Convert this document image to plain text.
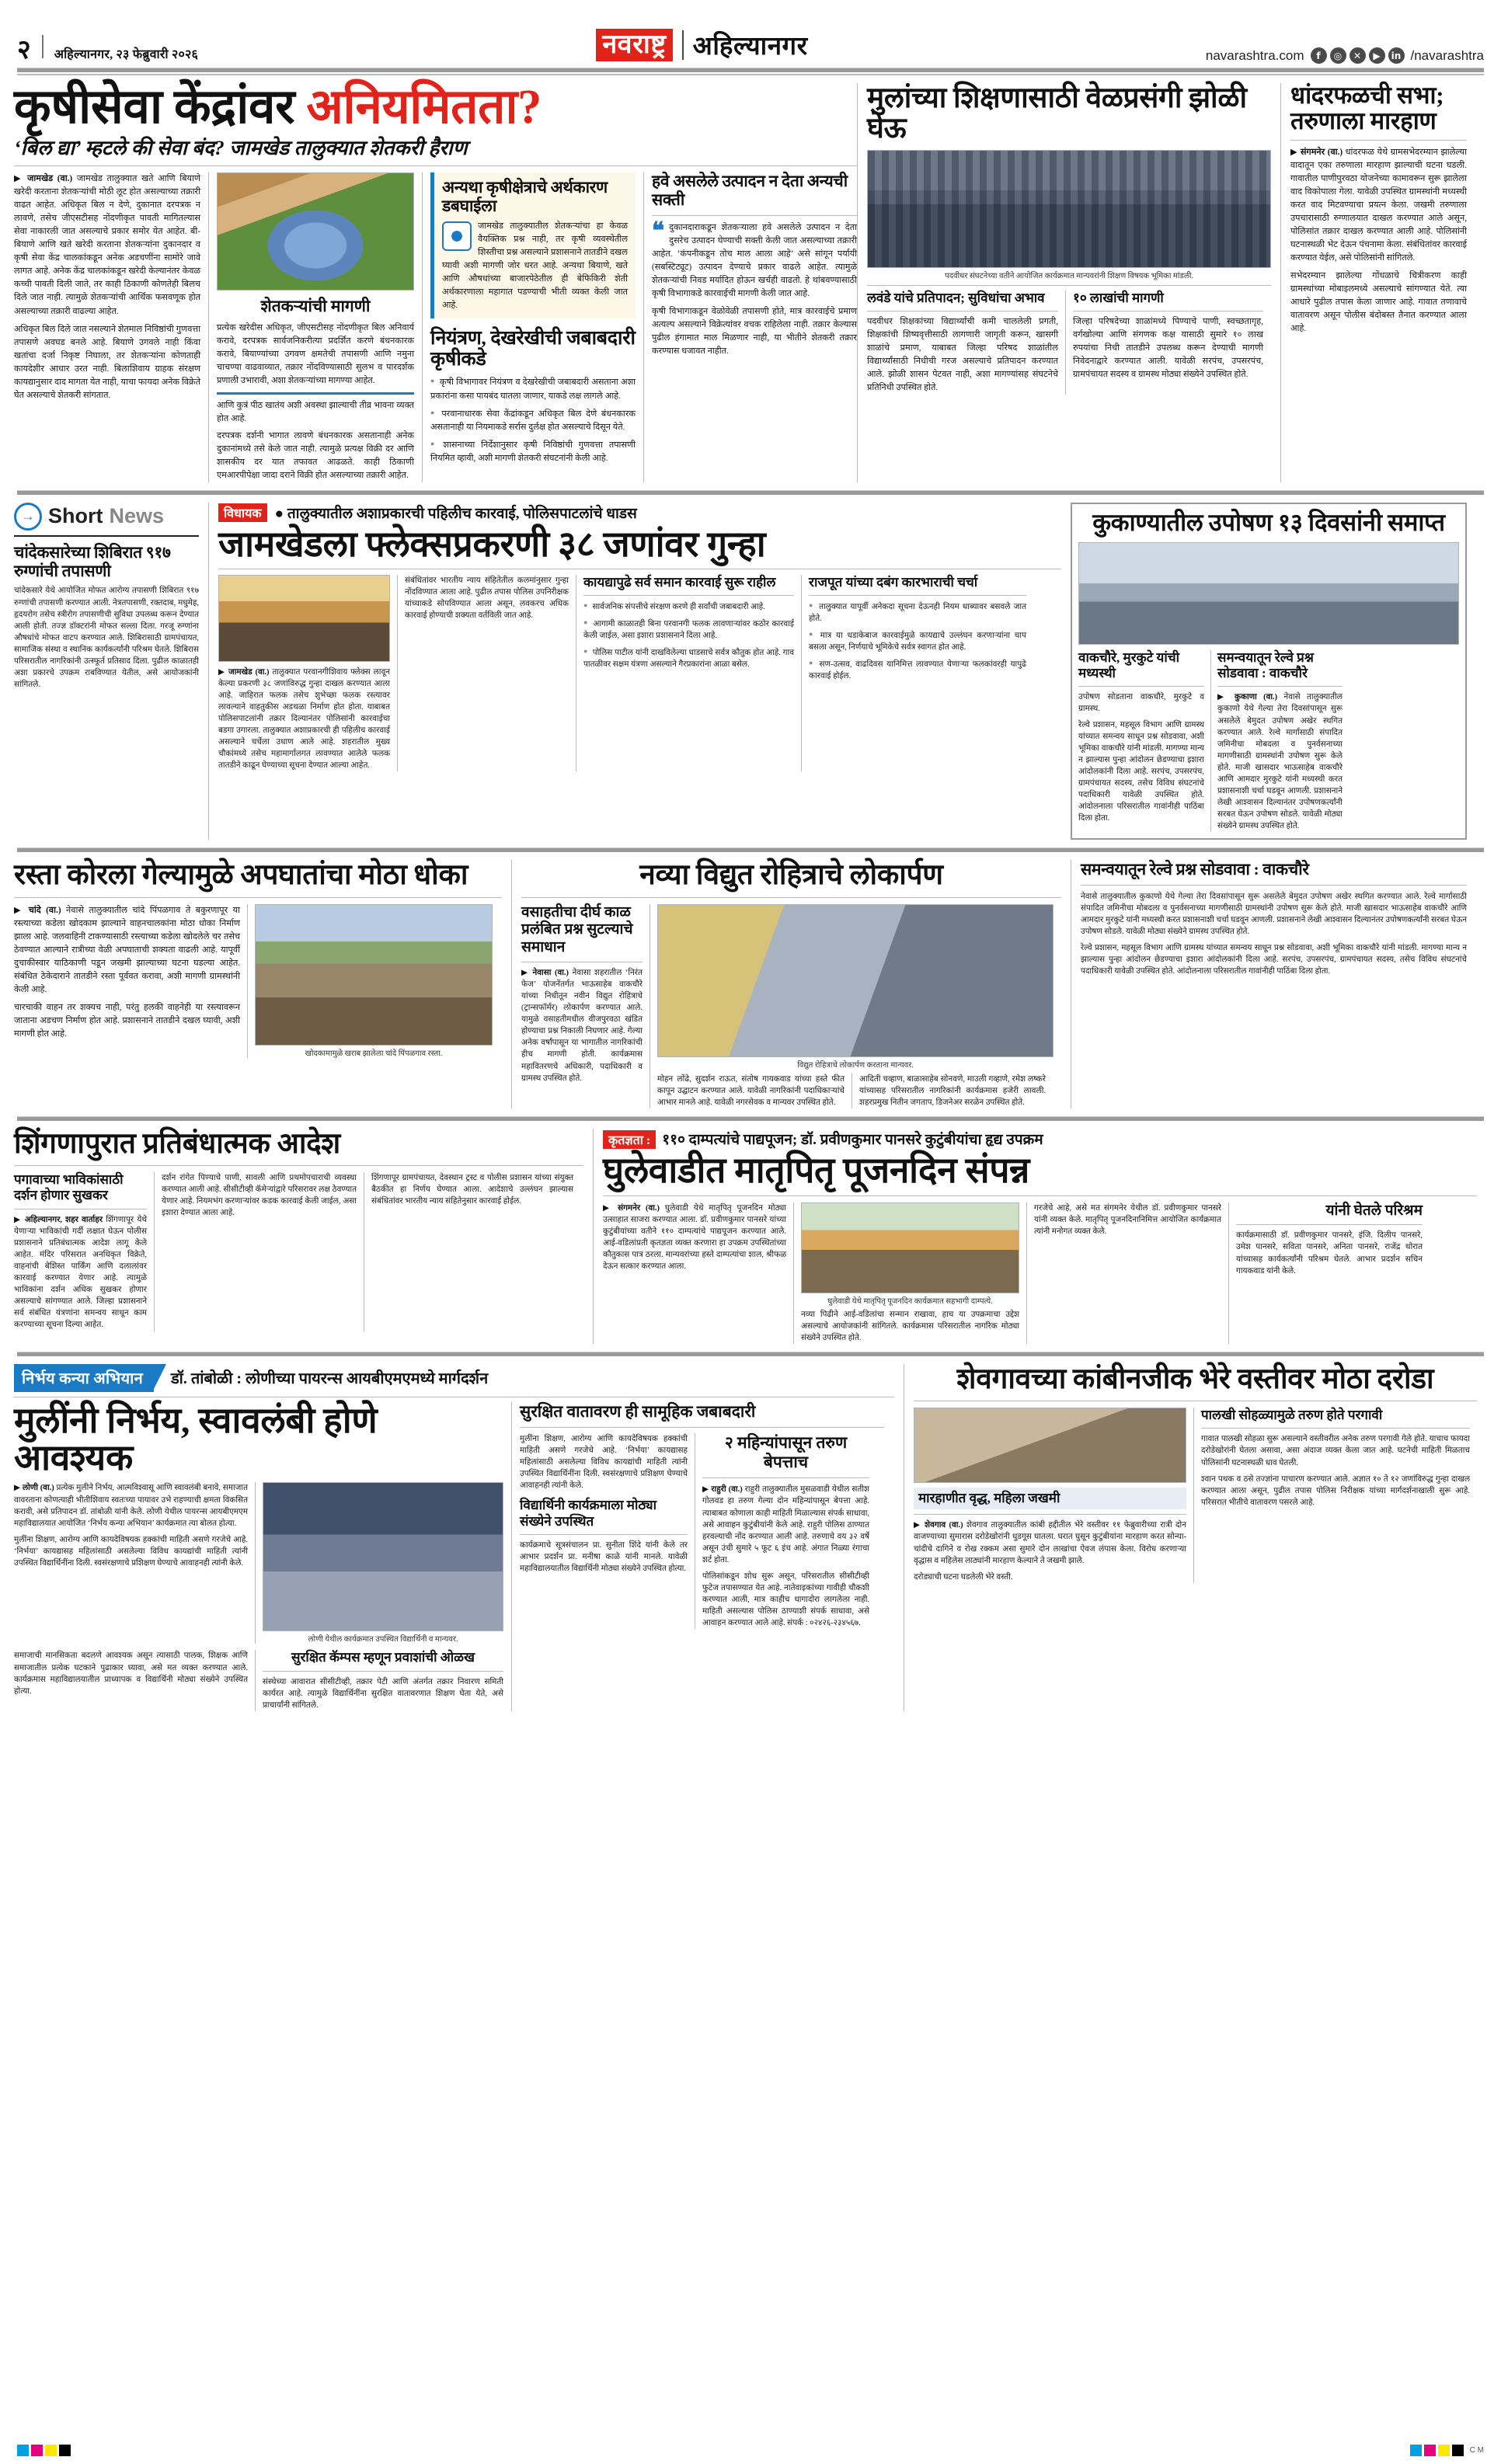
२ अहिल्यानगर, २३ फेब्रुवारी २०२६	नवराष्ट्र अहिल्यानगर	navarashtra.com	f	◎	✕	▶	in /navarashtra
कृषीसेवा केंद्रांवर अनियमितता?
‘बिल द्या’ म्हटले की सेवा बंद? जामखेड तालुक्यात शेतकरी हैराण
▶ जामखेड (वा.) जामखेड तालुक्यात खते आणि बियाणे खरेदी करताना शेतकऱ्यांची मोठी लूट होत असल्याच्या तक्रारी वाढत आहेत. अधिकृत बिल न देणे, दुकानात दरपत्रक न लावणे, तसेच जीएसटीसह नोंदणीकृत पावती मागितल्यास सेवा नाकारली जात असल्याचे प्रकार समोर येत आहेत. बी-बियाणे आणि खते खरेदी करताना शेतकऱ्यांना दुकानदार व कृषी सेवा केंद्र चालकांकडून अनेक अडचणींना सामोरे जावे लागत आहे. अनेक केंद्र चालकांकडून खरेदी केल्यानंतर केवळ कच्ची पावती दिली जाते, तर काही ठिकाणी कोणतेही बिलच दिले जात नाही. त्यामुळे शेतकऱ्यांची आर्थिक फसवणूक होत असल्याच्या तक्रारी वाढल्या आहेत.
अधिकृत बिल दिले जात नसल्याने शेतमाल निविष्ठांची गुणवत्ता तपासणे अवघड बनले आहे. बियाणे उगवले नाही किंवा खतांचा दर्जा निकृष्ट निघाला, तर शेतकऱ्यांना कोणताही कायदेशीर आधार उरत नाही. बिलाशिवाय ग्राहक संरक्षण कायद्यानुसार दाद मागता येत नाही, याचा फायदा अनेक विक्रेते घेत असल्याचे शेतकरी सांगतात.
शेतकऱ्यांची मागणी
प्रत्येक खरेदीस अधिकृत, जीएसटीसह नोंदणीकृत बिल अनिवार्य करावे, दरपत्रक सार्वजनिकरीत्या प्रदर्शित करणे बंधनकारक करावे, बियाण्यांच्या उगवण क्षमतेची तपासणी आणि नमुना चाचण्या वाढवाव्यात, तक्रार नोंदविण्यासाठी सुलभ व पारदर्शक प्रणाली उभारावी, अशा शेतकऱ्यांच्या मागण्या आहेत.
आणि कुत्रं पीठ खातंय अशी अवस्था झाल्याची तीव्र भावना व्यक्त होत आहे.
दरपत्रक दर्शनी भागात लावणे बंधनकारक असतानाही अनेक दुकानांमध्ये तसे केले जात नाही. त्यामुळे प्रत्यक्ष विक्री दर आणि शासकीय दर यात तफावत आढळते. काही ठिकाणी एमआरपीपेक्षा जादा दराने विक्री होत असल्याच्या तक्रारी आहेत.
अन्यथा कृषीक्षेत्राचे अर्थकारण डबघाईला
जामखेड तालुक्यातील शेतकऱ्यांचा हा केवळ वैयक्तिक प्रश्न नाही, तर कृषी व्यवस्थेतील शिस्तीचा प्रश्न असल्याने प्रशासनाने तातडीने दखल घ्यावी अशी मागणी जोर धरत आहे. अन्यथा बियाणे, खते आणि औषधांच्या बाजारपेठेतील ही बेफिकिरी शेती अर्थकारणाला महागात पडण्याची भीती व्यक्त केली जात आहे.
नियंत्रण, देखरेखीची जबाबदारी कृषीकडे
● कृषी विभागावर नियंत्रण व देखरेखीची जबाबदारी असताना अशा प्रकारांना कसा पायबंद घातला जाणार, याकडे लक्ष लागले आहे.
● परवानाधारक सेवा केंद्रांकडून अधिकृत बिल देणे बंधनकारक असतानाही या नियमाकडे सर्रास दुर्लक्ष होत असल्याचे दिसून येते.
● शासनाच्या निर्देशानुसार कृषी निविष्ठांची गुणवत्ता तपासणी नियमित व्हावी, अशी मागणी शेतकरी संघटनांनी केली आहे.
हवे असलेले उत्पादन न देता अन्यची सक्ती
❝ दुकानदाराकडून शेतकऱ्याला हवे असलेले उत्पादन न देता दुसरेच उत्पादन घेण्याची सक्ती केली जात असल्याच्या तक्रारी आहेत. ‘कंपनीकडून तोच माल आला आहे’ असे सांगून पर्यायी (सबस्टिट्यूट) उत्पादन देण्याचे प्रकार वाढले आहेत. त्यामुळे शेतकऱ्यांची निवड मर्यादित होऊन खर्चही वाढतो. हे थांबवण्यासाठी कृषी विभागाकडे कारवाईची मागणी केली जात आहे.
कृषी विभागाकडून वेळोवेळी तपासणी होते, मात्र कारवाईचे प्रमाण अत्यल्प असल्याने विक्रेत्यांवर वचक राहिलेला नाही. तक्रार केल्यास पुढील हंगामात माल मिळणार नाही, या भीतीने शेतकरी तक्रार करण्यास धजावत नाहीत.
मुलांच्या शिक्षणासाठी वेळप्रसंगी झोळी घेऊ
पदवीधर संघटनेच्या वतीने आयोजित कार्यक्रमात मान्यवरांनी शिक्षण विषयक भूमिका मांडली.
लवंडे यांचे प्रतिपादन; सुविधांचा अभाव
पदवीधर शिक्षकांच्या विद्यार्थ्यांची कमी चाललेली प्रगती, शिक्षकांची शिष्यवृत्तीसाठी लागणारी जागृती करून, खासगी शाळांचे प्रमाण, याबाबत जिल्हा परिषद शाळांतील विद्यार्थ्यांसाठी निधीची गरज असल्याचे प्रतिपादन करण्यात आले. झोळी शासन पेटवत नाही, अशा मागण्यांसह संघटनेचे प्रतिनिधी उपस्थित होते.
१० लाखांची मागणी
जिल्हा परिषदेच्या शाळांमध्ये पिण्याचे पाणी, स्वच्छतागृह, वर्गखोल्या आणि संगणक कक्ष यासाठी सुमारे १० लाख रुपयांचा निधी तातडीने उपलब्ध करून देण्याची मागणी निवेदनाद्वारे करण्यात आली. यावेळी सरपंच, उपसरपंच, ग्रामपंचायत सदस्य व ग्रामस्थ मोठ्या संख्येने उपस्थित होते.
धांदरफळची सभा; तरुणाला मारहाण
▶ संगमनेर (वा.) धांदरफळ येथे ग्रामसभेदरम्यान झालेल्या वादातून एका तरुणाला मारहाण झाल्याची घटना घडली. गावातील पाणीपुरवठा योजनेच्या कामावरून सुरू झालेला वाद विकोपाला गेला. यावेळी उपस्थित ग्रामस्थांनी मध्यस्थी करत वाद मिटवण्याचा प्रयत्न केला. जखमी तरुणाला उपचारासाठी रुग्णालयात दाखल करण्यात आले असून, पोलिसांत तक्रार दाखल करण्यात आली आहे. पोलिसांनी घटनास्थळी भेट देऊन पंचनामा केला. संबंधितांवर कारवाई करण्यात येईल, असे पोलिसांनी सांगितले.
सभेदरम्यान झालेल्या गोंधळाचे चित्रीकरण काही ग्रामस्थांच्या मोबाइलमध्ये असल्याचे सांगण्यात येते. त्या आधारे पुढील तपास केला जाणार आहे. गावात तणावाचे वातावरण असून पोलीस बंदोबस्त तैनात करण्यात आला आहे.
→
Short News
चांदेकसारेच्या शिबिरात ९१७ रुग्णांची तपासणी
चांदेकसारे येथे आयोजित मोफत आरोग्य तपासणी शिबिरात ९१७ रुग्णांची तपासणी करण्यात आली. नेत्रतपासणी, रक्तदाब, मधुमेह, हृदयरोग तसेच स्त्रीरोग तपासणीची सुविधा उपलब्ध करून देण्यात आली होती. तज्ज्ञ डॉक्टरांनी मोफत सल्ला दिला. गरजू रुग्णांना औषधांचे मोफत वाटप करण्यात आले. शिबिरासाठी ग्रामपंचायत, सामाजिक संस्था व स्थानिक कार्यकर्त्यांनी परिश्रम घेतले. शिबिरास परिसरातील नागरिकांनी उत्स्फूर्त प्रतिसाद दिला. पुढील काळातही अशा प्रकारचे उपक्रम राबविण्यात येतील, असे आयोजकांनी सांगितले.
विधायक ● तालुक्यातील अशाप्रकारची पहिलीच कारवाई, पोलिसपाटलांचे धाडस
जामखेडला फ्लेक्सप्रकरणी ३८ जणांवर गुन्हा
▶ जामखेड (वा.) तालुक्यात परवानगीशिवाय फ्लेक्स लावून केल्या प्रकरणी ३८ जणांविरुद्ध गुन्हा दाखल करण्यात आला आहे. जाहिरात फलक तसेच शुभेच्छा फलक रस्त्यावर लावल्याने वाहतुकीस अडथळा निर्माण होत होता. याबाबत पोलिसपाटलांनी तक्रार दिल्यानंतर पोलिसांनी कारवाईचा बडगा उगारला. तालुक्यात अशाप्रकारची ही पहिलीच कारवाई असल्याने चर्चेला उधाण आले आहे. शहरातील मुख्य चौकांमध्ये तसेच महामार्गालगत लावण्यात आलेले फलक तातडीने काढून घेण्याच्या सूचना देण्यात आल्या आहेत.
संबंधितांवर भारतीय न्याय संहितेतील कलमांनुसार गुन्हा नोंदविण्यात आला आहे. पुढील तपास पोलिस उपनिरीक्षक यांच्याकडे सोपविण्यात आला असून, लवकरच अधिक कारवाई होण्याची शक्यता वर्तविली जात आहे.
कायद्यापुढे सर्व समान कारवाई सुरू राहील
● सार्वजनिक संपत्तीचे संरक्षण करणे ही सर्वांची जबाबदारी आहे.
● आगामी काळातही बिना परवानगी फलक लावणाऱ्यांवर कठोर कारवाई केली जाईल, असा इशारा प्रशासनाने दिला आहे.
● पोलिस पाटील यांनी दाखविलेल्या धाडसाचे सर्वत्र कौतुक होत आहे. गाव पातळीवर सक्षम यंत्रणा असल्याने गैरप्रकारांना आळा बसेल.
राजपूत यांच्या दबंग कारभाराची चर्चा
● तालुक्यात यापूर्वी अनेकदा सूचना देऊनही नियम धाब्यावर बसवले जात होते.
● मात्र या धडाकेबाज कारवाईमुळे कायद्याचे उल्लंघन करणाऱ्यांना चाप बसला असून, निर्णयाचे भूमिकेचे सर्वत्र स्वागत होत आहे.
● सण-उत्सव, वाढदिवस यानिमित्त लावण्यात येणाऱ्या फलकांवरही यापुढे कारवाई होईल.
कुकाण्यातील उपोषण १३ दिवसांनी समाप्त
वाकचौरे, मुरकुटे यांची मध्यस्थी
उपोषण सोडताना वाकचौरे, मुरकुटे व ग्रामस्थ.
रेल्वे प्रशासन, महसूल विभाग आणि ग्रामस्थ यांच्यात समन्वय साधून प्रश्न सोडवावा, अशी भूमिका वाकचौरे यांनी मांडली. मागण्या मान्य न झाल्यास पुन्हा आंदोलन छेडण्याचा इशारा आंदोलकांनी दिला आहे. सरपंच, उपसरपंच, ग्रामपंचायत सदस्य, तसेच विविध संघटनांचे पदाधिकारी यावेळी उपस्थित होते. आंदोलनाला परिसरातील गावांनीही पाठिंबा दिला होता.
समन्वयातून रेल्वे प्रश्न सोडवावा : वाकचौरे
▶ कुकाणा (वा.) नेवासे तालुक्यातील कुकाणो येथे गेल्या तेरा दिवसांपासून सुरू असलेले बेमुदत उपोषण अखेर स्थगित करण्यात आले. रेल्वे मार्गासाठी संपादित जमिनीचा मोबदला व पुनर्वसनाच्या मागणीसाठी ग्रामस्थांनी उपोषण सुरू केले होते. माजी खासदार भाऊसाहेब वाकचौरे आणि आमदार मुरकुटे यांनी मध्यस्थी करत प्रशासनाशी चर्चा घडवून आणली. प्रशासनाने लेखी आश्वासन दिल्यानंतर उपोषणकर्त्यांनी सरबत घेऊन उपोषण सोडले. यावेळी मोठ्या संख्येने ग्रामस्थ उपस्थित होते.
रस्ता कोरला गेल्यामुळे अपघातांचा मोठा धोका
▶ चांदे (वा.) नेवासे तालुक्यातील चांदे पिंपळगाव ते बकुरणापूर या रस्त्याच्या कडेला खोदकाम झाल्याने वाहनचालकांना मोठा धोका निर्माण झाला आहे. जलवाहिनी टाकण्यासाठी रस्त्याच्या कडेला खोदलेले चर तसेच ठेवण्यात आल्याने रात्रीच्या वेळी अपघाताची शक्यता वाढली आहे. यापूर्वी दुचाकीस्वार याठिकाणी पडून जखमी झाल्याच्या घटना घडल्या आहेत. संबंधित ठेकेदाराने तातडीने रस्ता पूर्ववत करावा, अशी मागणी ग्रामस्थांनी केली आहे.
चारचाकी वाहन तर शक्यच नाही, परंतु हलकी वाहनेही या रस्त्यावरून जाताना अडचण निर्माण होत आहे. प्रशासनाने तातडीने दखल घ्यावी, अशी मागणी होत आहे.
खोदकामामुळे खराब झालेला चांदे पिंपळगाव रस्ता.
नव्या विद्युत रोहित्राचे लोकार्पण
वसाहतीचा दीर्घ काळ प्रलंबित प्रश्न सुटल्याचे समाधान
▶ नेवासा (वा.) नेवासा शहरातील ‘निरंत फेज’ योजनेंतर्गत भाऊसाहेब वाकचौरे यांच्या निधीतून नवीन विद्युत रोहित्राचे (ट्रान्सफॉर्मर) लोकार्पण करण्यात आले. यामुळे वसाहतीमधील वीजपुरवठा खंडित होण्याचा प्रश्न निकाली निघणार आहे. गेल्या अनेक वर्षांपासून या भागातील नागरिकांची हीच मागणी होती. कार्यक्रमास महावितरणचे अधिकारी, पदाधिकारी व ग्रामस्थ उपस्थित होते.
विद्युत रोहित्राचे लोकार्पण करताना मान्यवर.
मोहन लोंढे, सुदर्शन राऊत, संतोष गायकवाड यांच्या हस्ते फीत कापून उद्घाटन करण्यात आले. यावेळी नागरिकांनी पदाधिकाऱ्यांचे आभार मानले आहे. यावेळी नगरसेवक व मान्यवर उपस्थित होते.
आदिती चव्हाण, बाळासाहेब सोनवणे, माउली गव्हाणे, रमेश लष्करे यांच्यासह परिसरातील नागरिकांनी कार्यक्रमास हजेरी लावली. शहरप्रमुख नितीन जगताप, डिजनेअर सरळेन उपस्थित होते.
समन्वयातून रेल्वे प्रश्न सोडवावा : वाकचौरे
नेवासे तालुक्यातील कुकाणो येथे गेल्या तेरा दिवसांपासून सुरू असलेले बेमुदत उपोषण अखेर स्थगित करण्यात आले. रेल्वे मार्गासाठी संपादित जमिनीचा मोबदला व पुनर्वसनाच्या मागणीसाठी ग्रामस्थांनी उपोषण सुरू केले होते. माजी खासदार भाऊसाहेब वाकचौरे आणि आमदार मुरकुटे यांनी मध्यस्थी करत प्रशासनाशी चर्चा घडवून आणली. प्रशासनाने लेखी आश्वासन दिल्यानंतर उपोषणकर्त्यांनी सरबत घेऊन उपोषण सोडले. यावेळी मोठ्या संख्येने ग्रामस्थ उपस्थित होते.
रेल्वे प्रशासन, महसूल विभाग आणि ग्रामस्थ यांच्यात समन्वय साधून प्रश्न सोडवावा, अशी भूमिका वाकचौरे यांनी मांडली. मागण्या मान्य न झाल्यास पुन्हा आंदोलन छेडण्याचा इशारा आंदोलकांनी दिला आहे. सरपंच, उपसरपंच, ग्रामपंचायत सदस्य, तसेच विविध संघटनांचे पदाधिकारी यावेळी उपस्थित होते. आंदोलनाला परिसरातील गावांनीही पाठिंबा दिला होता.
शिंगणापुरात प्रतिबंधात्मक आदेश
पगावाच्या भाविकांसाठी दर्शन होणार सुखकर
▶ अहिल्यानगर, शहर वार्ताहर शिंगणापूर येथे येणाऱ्या भाविकांची गर्दी लक्षात घेऊन पोलीस प्रशासनाने प्रतिबंधात्मक आदेश लागू केले आहेत. मंदिर परिसरात अनधिकृत विक्रेते, वाहनांची बेशिस्त पार्किंग आणि दलालांवर कारवाई करण्यात येणार आहे. त्यामुळे भाविकांना दर्शन अधिक सुखकर होणार असल्याचे सांगण्यात आले. जिल्हा प्रशासनाने सर्व संबंधित यंत्रणांना समन्वय साधून काम करण्याच्या सूचना दिल्या आहेत.
दर्शन रांगेत पिण्याचे पाणी, सावली आणि प्रथमोपचाराची व्यवस्था करण्यात आली आहे. सीसीटीव्ही कॅमेऱ्यांद्वारे परिसरावर लक्ष ठेवण्यात येणार आहे. नियमभंग करणाऱ्यांवर कडक कारवाई केली जाईल, असा इशारा देण्यात आला आहे.
शिंगणापूर ग्रामपंचायत, देवस्थान ट्रस्ट व पोलीस प्रशासन यांच्या संयुक्त बैठकीत हा निर्णय घेण्यात आला. आदेशाचे उल्लंघन झाल्यास संबंधितांवर भारतीय न्याय संहितेनुसार कारवाई होईल.
कृतज्ञता : ११० दाम्पत्यांचे पाद्यपूजन; डॉ. प्रवीणकुमार पानसरे कुटुंबीयांचा हृद्य उपक्रम
घुलेवाडीत मातृपितृ पूजनदिन संपन्न
▶ संगमनेर (वा.) घुलेवाडी येथे मातृपितृ पूजनदिन मोठ्या उत्साहात साजरा करण्यात आला. डॉ. प्रवीणकुमार पानसरे यांच्या कुटुंबीयांच्या वतीने ११० दाम्पत्यांचे पाद्यपूजन करण्यात आले. आई-वडिलांप्रती कृतज्ञता व्यक्त करणारा हा उपक्रम उपस्थितांच्या कौतुकास पात्र ठरला. मान्यवरांच्या हस्ते दाम्पत्यांचा शाल, श्रीफळ देऊन सत्कार करण्यात आला.
घुलेवाडी येथे मातृपितृ पूजनदिन कार्यक्रमात सहभागी दाम्पत्ये.
नव्या पिढीने आई-वडिलांचा सन्मान राखावा, हाच या उपक्रमाचा उद्देश असल्याचे आयोजकांनी सांगितले. कार्यक्रमास परिसरातील नागरिक मोठ्या संख्येने उपस्थित होते.
गरजेचे आहे, असे मत संगमनेर येथील डॉ. प्रवीणकुमार पानसरे यांनी व्यक्त केले. मातृपितृ पूजनदिनानिमित्त आयोजित कार्यक्रमात त्यांनी मनोगत व्यक्त केले.
यांनी घेतले परिश्रम
कार्यक्रमासाठी डॉ. प्रवीणकुमार पानसरे, इंजि. दिलीप पानसरे, उमेश पानसरे, सविता पानसरे, अनिता पानसरे, राजेंद्र थोरात यांच्यासह कार्यकर्त्यांनी परिश्रम घेतले. आभार प्रदर्शन सचिन गायकवाड यांनी केले.
निर्भय कन्या अभियान	डॉ. तांबोळी : लोणीच्या पायरन्स आयबीएमएमध्ये मार्गदर्शन
मुलींनी निर्भय, स्वावलंबी होणे आवश्यक
▶ लोणी (वा.) प्रत्येक मुलीने निर्भय, आत्मविश्वासू आणि स्वावलंबी बनावे, समाजात वावरताना कोणत्याही भीतीशिवाय स्वतःच्या पायावर उभे राहण्याची क्षमता विकसित करावी, असे प्रतिपादन डॉ. तांबोळी यांनी केले. लोणी येथील पायरन्स आयबीएमएम महाविद्यालयात आयोजित ‘निर्भय कन्या अभियान’ कार्यक्रमात त्या बोलत होत्या.
मुलींना शिक्षण, आरोग्य आणि कायदेविषयक हक्कांची माहिती असणे गरजेचे आहे. ‘निर्भया’ कायद्यासह महिलांसाठी असलेल्या विविध कायद्यांची माहिती त्यांनी उपस्थित विद्यार्थिनींना दिली. स्वसंरक्षणाचे प्रशिक्षण घेण्याचे आवाहनही त्यांनी केले.
लोणी येथील कार्यक्रमात उपस्थित विद्यार्थिनी व मान्यवर.
समाजाची मानसिकता बदलणे आवश्यक असून त्यासाठी पालक, शिक्षक आणि समाजातील प्रत्येक घटकाने पुढाकार घ्यावा, असे मत व्यक्त करण्यात आले. कार्यक्रमास महाविद्यालयातील प्राध्यापक व विद्यार्थिनी मोठ्या संख्येने उपस्थित होत्या.
सुरक्षित कॅम्पस म्हणून प्रवाशांची ओळख
संस्थेच्या आवारात सीसीटीव्ही, तक्रार पेटी आणि अंतर्गत तक्रार निवारण समिती कार्यरत आहे. त्यामुळे विद्यार्थिनींना सुरक्षित वातावरणात शिक्षण घेता येते, असे प्राचार्यांनी सांगितले.
सुरक्षित वातावरण ही सामूहिक जबाबदारी
मुलींना शिक्षण, आरोग्य आणि कायदेविषयक हक्कांची माहिती असणे गरजेचे आहे. ‘निर्भया’ कायद्यासह महिलांसाठी असलेल्या विविध कायद्यांची माहिती त्यांनी उपस्थित विद्यार्थिनींना दिली. स्वसंरक्षणाचे प्रशिक्षण घेण्याचे आवाहनही त्यांनी केले.
विद्यार्थिनी कार्यक्रमाला मोठ्या संख्येने उपस्थित
कार्यक्रमाचे सूत्रसंचालन प्रा. सुनीता शिंदे यांनी केले तर आभार प्रदर्शन प्रा. मनीषा काळे यांनी मानले. यावेळी महाविद्यालयातील विद्यार्थिनी मोठ्या संख्येने उपस्थित होत्या.
२ महिन्यांपासून तरुण बेपत्ताच
▶ राहुरी (वा.) राहुरी तालुक्यातील मुसळवाडी येथील सतीश गोलवड हा तरुण गेल्या दोन महिन्यांपासून बेपत्ता आहे. त्याबाबत कोणाला काही माहिती मिळाल्यास संपर्क साधावा, असे आवाहन कुटुंबीयांनी केले आहे. राहुरी पोलिस ठाण्यात हरवल्याची नोंद करण्यात आली आहे. तरुणाचे वय ३२ वर्षे असून उंची सुमारे ५ फूट ६ इंच आहे. अंगात निळ्या रंगाचा शर्ट होता.
पोलिसांकडून शोध सुरू असून, परिसरातील सीसीटीव्ही फुटेज तपासण्यात येत आहे. नातेवाइकांच्या गावीही चौकशी करण्यात आली, मात्र काहीच धागादोरा लागलेला नाही. माहिती असल्यास पोलिस ठाण्याशी संपर्क साधावा, असे आवाहन करण्यात आले आहे. संपर्क : ०२४२६-२३४५६७.
शेवगावच्या कांबीनजीक भेरे वस्तीवर मोठा दरोडा
मारहाणीत वृद्ध, महिला जखमी
▶ शेवगाव (वा.) शेवगाव तालुक्यातील कांबी हद्दीतील भेरे वस्तीवर ११ फेब्रुवारीच्या रात्री दोन वाजण्याच्या सुमारास दरोडेखोरांनी धुडगूस घातला. घरात घुसून कुटुंबीयांना मारहाण करत सोन्या-चांदीचे दागिने व रोख रक्कम असा सुमारे दोन लाखांचा ऐवज लंपास केला. विरोध करणाऱ्या वृद्धास व महिलेस लाठ्यांनी मारहाण केल्याने ते जखमी झाले.
दरोड्याची घटना घडलेली भेरे वस्ती.
पालखी सोहळ्यामुळे तरुण होते परगावी
गावात पालखी सोहळा सुरू असल्याने वस्तीवरील अनेक तरुण परगावी गेले होते. याचाच फायदा दरोडेखोरांनी घेतला असावा, असा अंदाज व्यक्त केला जात आहे. घटनेची माहिती मिळताच पोलिसांनी घटनास्थळी धाव घेतली.
श्वान पथक व ठसे तज्ज्ञांना पाचारण करण्यात आले. अज्ञात १० ते १२ जणांविरुद्ध गुन्हा दाखल करण्यात आला असून, पुढील तपास पोलिस निरीक्षक यांच्या मार्गदर्शनाखाली सुरू आहे. परिसरात भीतीचे वातावरण पसरले आहे.
C M
